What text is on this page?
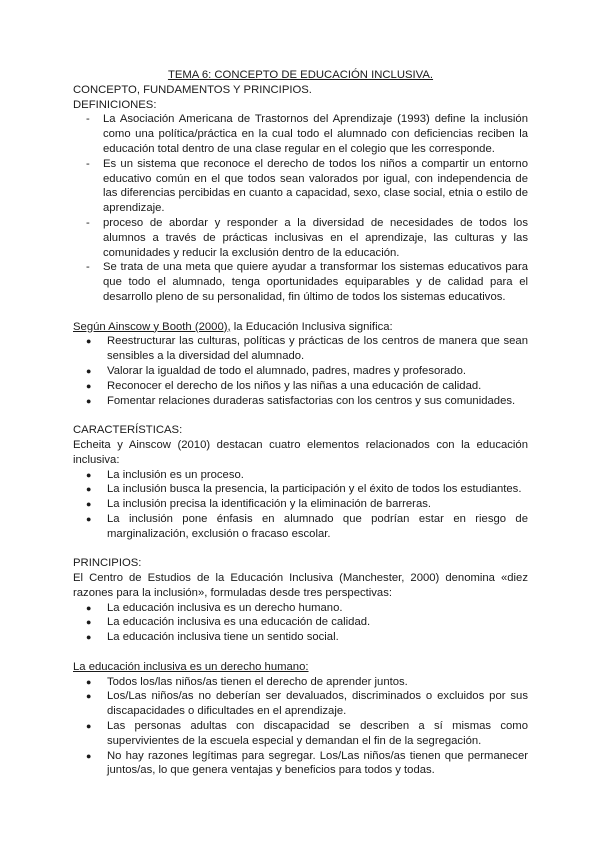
TEMA 6: CONCEPTO DE EDUCACIÓN INCLUSIVA.

CONCEPTO, FUNDAMENTOS Y PRINCIPIOS.

DEFINICIONES:

- La Asociación Americana de Trastornos del Aprendizaje (1993) define la inclusión como una política/práctica en la cual todo el alumnado con deficiencias reciben la educación total dentro de una clase regular en el colegio que les corresponde.
- Es un sistema que reconoce el derecho de todos los niños a compartir un entorno educativo común en el que todos sean valorados por igual, con independencia de las diferencias percibidas en cuanto a capacidad, sexo, clase social, etnia o estilo de aprendizaje.
- proceso de abordar y responder a la diversidad de necesidades de todos los alumnos a través de prácticas inclusivas en el aprendizaje, las culturas y las comunidades y reducir la exclusión dentro de la educación.
- Se trata de una meta que quiere ayudar a transformar los sistemas educativos para que todo el alumnado, tenga oportunidades equiparables y de calidad para el desarrollo pleno de su personalidad, fin último de todos los sistemas educativos.

Según Ainscow y Booth (2000), la Educación Inclusiva significa:

● Reestructurar las culturas, políticas y prácticas de los centros de manera que sean sensibles a la diversidad del alumnado.
● Valorar la igualdad de todo el alumnado, padres, madres y profesorado.
● Reconocer el derecho de los niños y las niñas a una educación de calidad.
● Fomentar relaciones duraderas satisfactorias con los centros y sus comunidades.

CARACTERÍSTICAS:

Echeita y Ainscow (2010) destacan cuatro elementos relacionados con la educación inclusiva:

● La inclusión es un proceso.
● La inclusión busca la presencia, la participación y el éxito de todos los estudiantes.
● La inclusión precisa la identificación y la eliminación de barreras.
● La inclusión pone énfasis en alumnado que podrían estar en riesgo de marginalización, exclusión o fracaso escolar.

PRINCIPIOS:

El Centro de Estudios de la Educación Inclusiva (Manchester, 2000) denomina «diez razones para la inclusión», formuladas desde tres perspectivas:

● La educación inclusiva es un derecho humano.
● La educación inclusiva es una educación de calidad.
● La educación inclusiva tiene un sentido social.

La educación inclusiva es un derecho humano:

● Todos los/las niños/as tienen el derecho de aprender juntos.
● Los/Las niños/as no deberían ser devaluados, discriminados o excluidos por sus discapacidades o dificultades en el aprendizaje.
● Las personas adultas con discapacidad se describen a sí mismas como supervivientes de la escuela especial y demandan el fin de la segregación.
● No hay razones legítimas para segregar. Los/Las niños/as tienen que permanecer juntos/as, lo que genera ventajas y beneficios para todos y todas.
